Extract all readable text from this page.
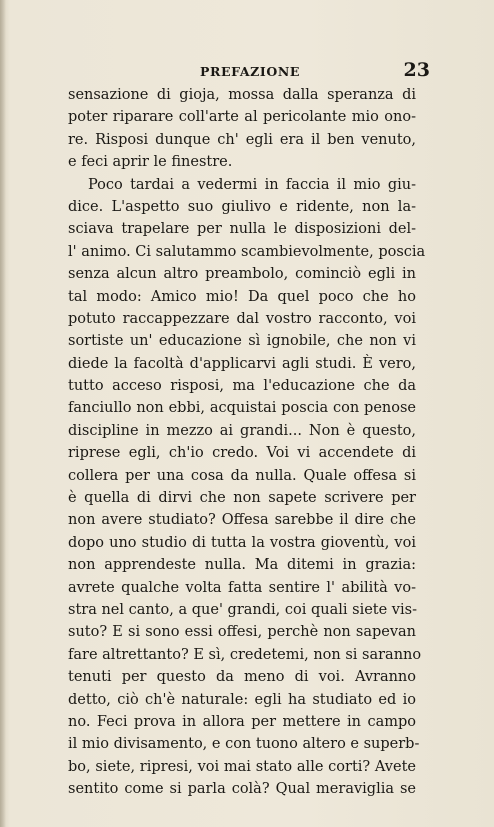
PREFAZIONE	23
sensazione di gioja, mossa dalla speranza di
poter riparare coll'arte al pericolante mio ono-
re. Risposi dunque ch' egli era il ben venuto,
e feci aprir le finestre.
Poco tardai a vedermi in faccia il mio giu-
dice. L'aspetto suo giulivo e ridente, non la-
sciava trapelare per nulla le disposizioni del-
l' animo. Ci salutammo scambievolmente, poscia
senza alcun altro preambolo, cominciò egli in
tal modo: Amico mio! Da quel poco che ho
potuto raccappezzare dal vostro racconto, voi
sortiste un' educazione sì ignobile, che non vi
diede la facoltà d'applicarvi agli studi. È vero,
tutto acceso risposi, ma l'educazione che da
fanciullo non ebbi, acquistai poscia con penose
discipline in mezzo ai grandi... Non è questo,
riprese egli, ch'io credo. Voi vi accendete di
collera per una cosa da nulla. Quale offesa si
è quella di dirvi che non sapete scrivere per
non avere studiato? Offesa sarebbe il dire che
dopo uno studio di tutta la vostra gioventù, voi
non apprendeste nulla. Ma ditemi in grazia:
avrete qualche volta fatta sentire l' abilità vo-
stra nel canto, a que' grandi, coi quali siete vis-
suto? E si sono essi offesi, perchè non sapevan
fare altrettanto? E sì, credetemi, non si saranno
tenuti per questo da meno di voi. Avranno
detto, ciò ch'è naturale: egli ha studiato ed io
no. Feci prova in allora per mettere in campo
il mio divisamento, e con tuono altero e superb-
bo, siete, ripresi, voi mai stato alle corti? Avete
sentito come si parla colà? Qual meraviglia se
